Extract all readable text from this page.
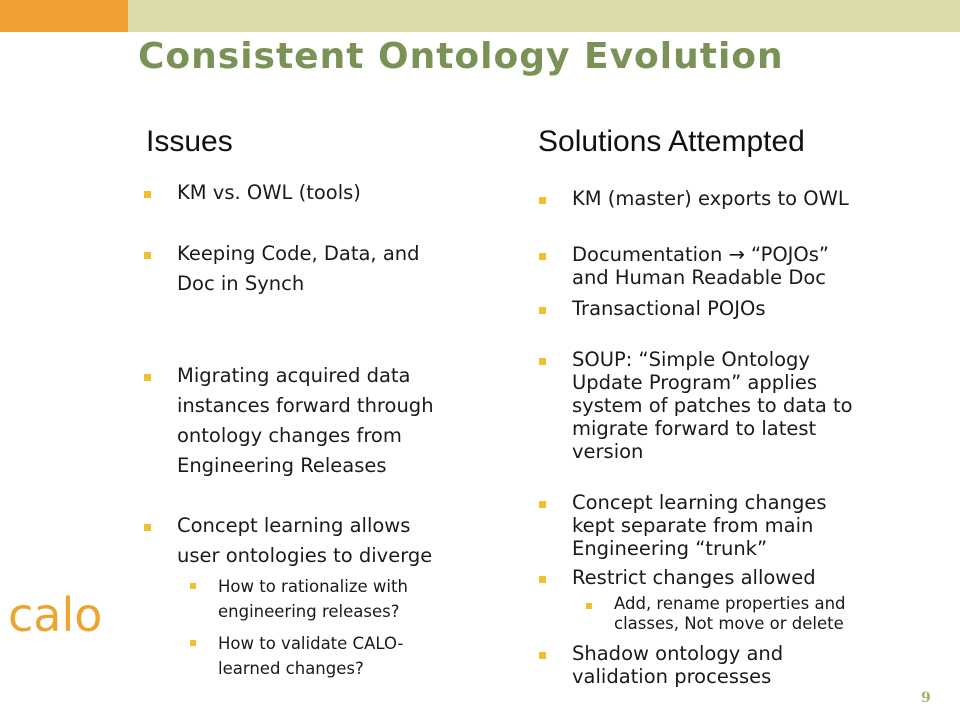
Consistent Ontology Evolution
Issues	Solutions Attempted
KM vs. OWL (tools)
Keeping Code, Data, and
Doc in Synch
Migrating acquired data
instances forward through
ontology changes from
Engineering Releases
Concept learning allows
user ontologies to diverge
How to rationalize with
engineering releases?
How to validate CALO-
learned changes?
KM (master) exports to OWL
Documentation → “POJOs”
and Human Readable Doc
Transactional POJOs
SOUP: “Simple Ontology
Update Program” applies
system of patches to data to
migrate forward to latest
version
Concept learning changes
kept separate from main
Engineering “trunk”
Restrict changes allowed
Add, rename properties and
classes, Not move or delete
Shadow ontology and
validation processes
calo
9
